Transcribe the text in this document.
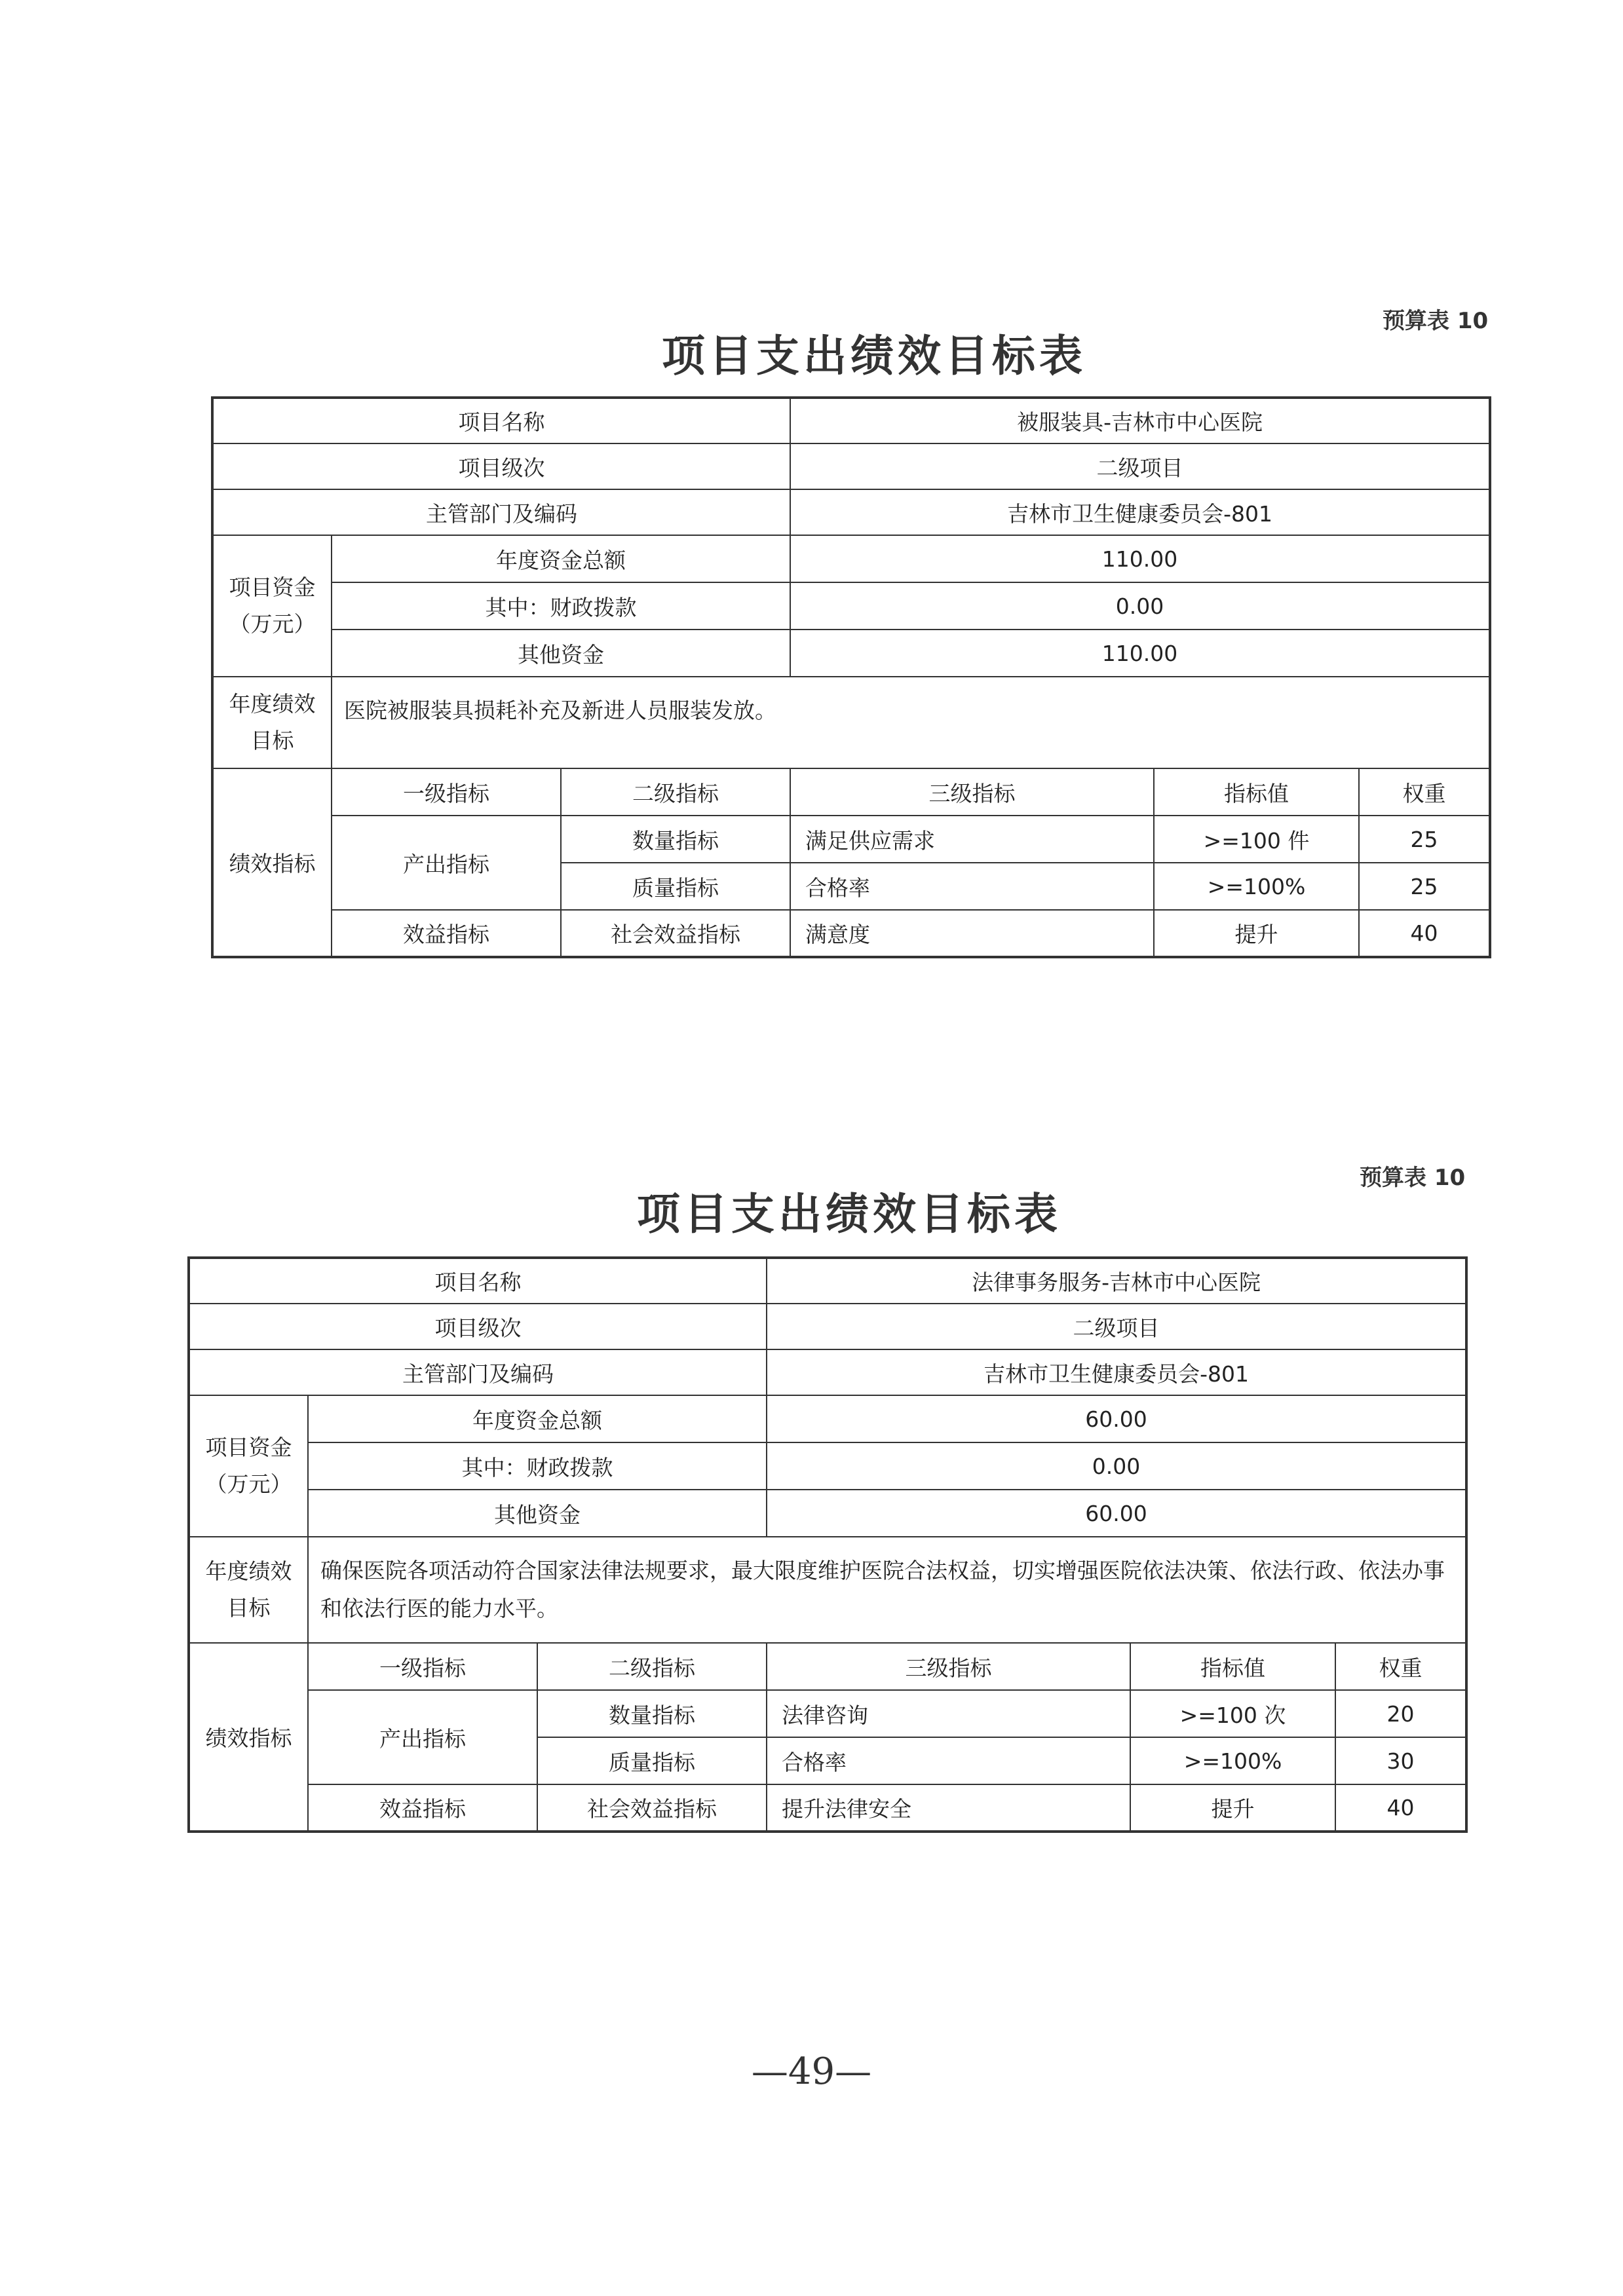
预算表 10
项目支出绩效目标表
项目名称			被服装具-吉林市中心医院		
项目级次			二级项目		
主管部门及编码			吉林市卫生健康委员会-801		
项目资金（万元）	年度资金总额		110.00		
	其中：财政拨款		0.00		
	其他资金		110.00		
年度绩效目标	医院被服装具损耗补充及新进人员服装发放。				
绩效指标	一级指标	二级指标	三级指标	指标值	权重
	产出指标	数量指标	满足供应需求	>=100 件	25
		质量指标	合格率	>=100%	25
	效益指标	社会效益指标	满意度	提升	40
预算表 10
项目支出绩效目标表
项目名称			法律事务服务-吉林市中心医院		
项目级次			二级项目		
主管部门及编码			吉林市卫生健康委员会-801		
项目资金（万元）	年度资金总额		60.00		
	其中：财政拨款		0.00		
	其他资金		60.00		
年度绩效目标	确保医院各项活动符合国家法律法规要求，最大限度维护医院合法权益，切实增强医院依法决策、依法行政、依法办事和依法行医的能力水平。				
绩效指标	一级指标	二级指标	三级指标	指标值	权重
	产出指标	数量指标	法律咨询	>=100 次	20
		质量指标	合格率	>=100%	30
	效益指标	社会效益指标	提升法律安全	提升	40
—49—
